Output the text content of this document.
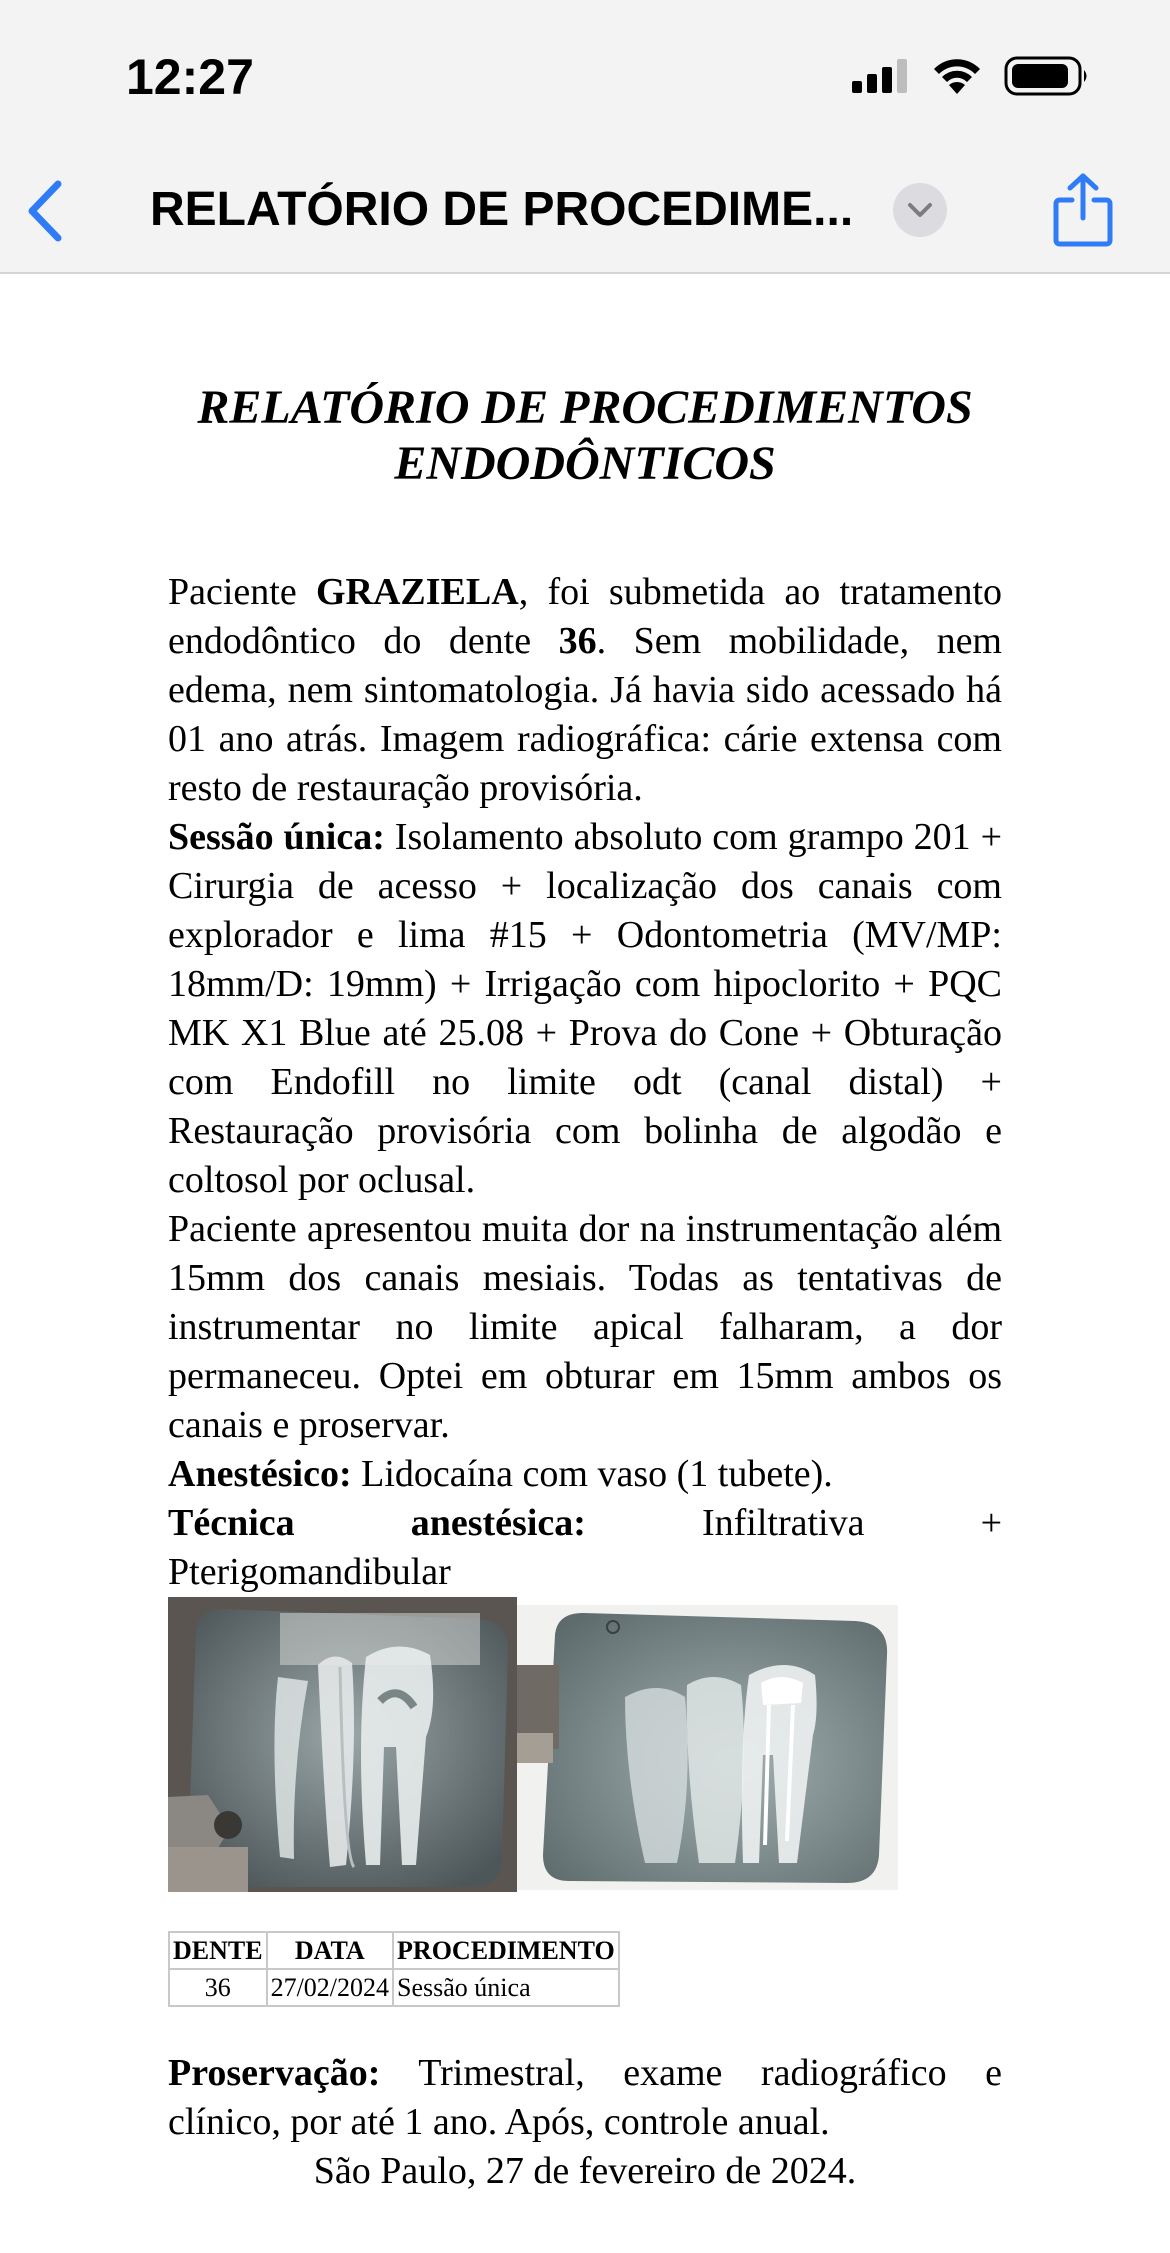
12:27
RELATÓRIO DE PROCEDIME...
RELATÓRIO DE PROCEDIMENTOS
ENDODÔNTICOS

Paciente GRAZIELA, foi submetida ao tratamento endodôntico do dente 36. Sem mobilidade, nem edema, nem sintomatologia. Já havia sido acessado há 01 ano atrás. Imagem radiográfica: cárie extensa com resto de restauração provisória.

Sessão única: Isolamento absoluto com grampo 201 + Cirurgia de acesso + localização dos canais com explorador e lima #15 + Odontometria (MV/MP: 18mm/D: 19mm) + Irrigação com hipoclorito + PQC MK X1 Blue até 25.08 + Prova do Cone + Obturação com Endofill no limite odt (canal distal) + Restauração provisória com bolinha de algodão e coltosol por oclusal.

Paciente apresentou muita dor na instrumentação além 15mm dos canais mesiais. Todas as tentativas de instrumentar no limite apical falharam, a dor permaneceu. Optei em obturar em 15mm ambos os canais e proservar.

Anestésico: Lidocaína com vaso (1 tubete).

Técnica anestésica: Infiltrativa +

Pterigomandibular

DENTE	DATA	PROCEDIMENTO
36	27/02/2024	Sessão única

Proservação: Trimestral, exame radiográfico e clínico, por até 1 ano. Após, controle anual.

São Paulo, 27 de fevereiro de 2024.
